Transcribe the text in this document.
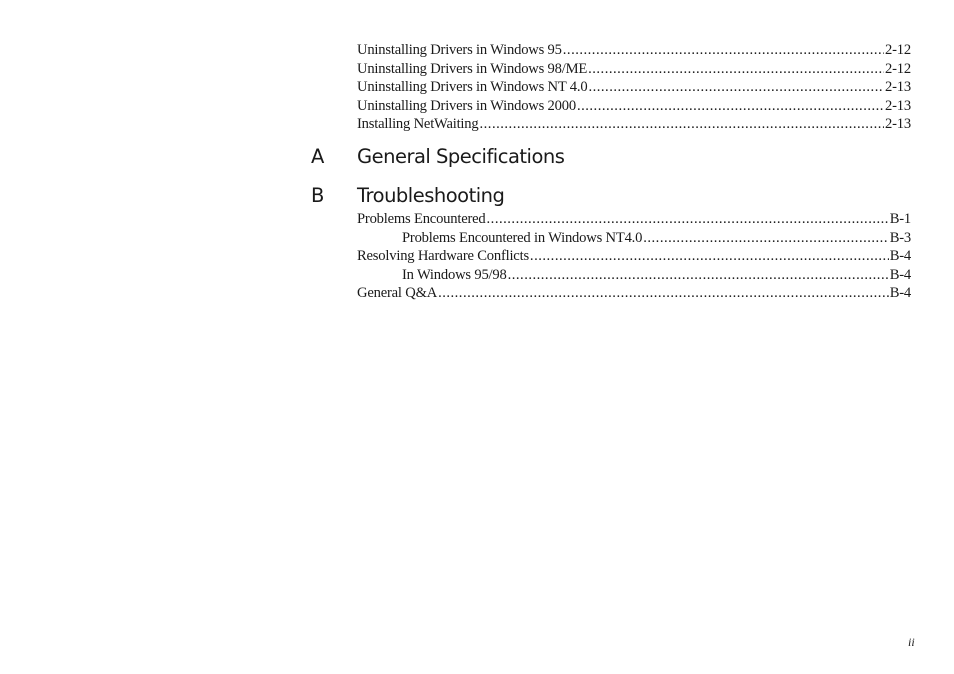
Uninstalling Drivers in Windows 95 .....	2-12
Uninstalling Drivers in Windows 98/ME .....	2-12
Uninstalling Drivers in Windows NT 4.0 .....	2-13
Uninstalling Drivers in Windows 2000 .....	2-13
Installing NetWaiting .....	2-13
A	General Specifications
B	Troubleshooting
Problems Encountered .....	B-1
Problems Encountered in Windows NT4.0 .....	B-3
Resolving Hardware Conflicts .....	B-4
In Windows 95/98 .....	B-4
General Q&A .....	B-4
ii
